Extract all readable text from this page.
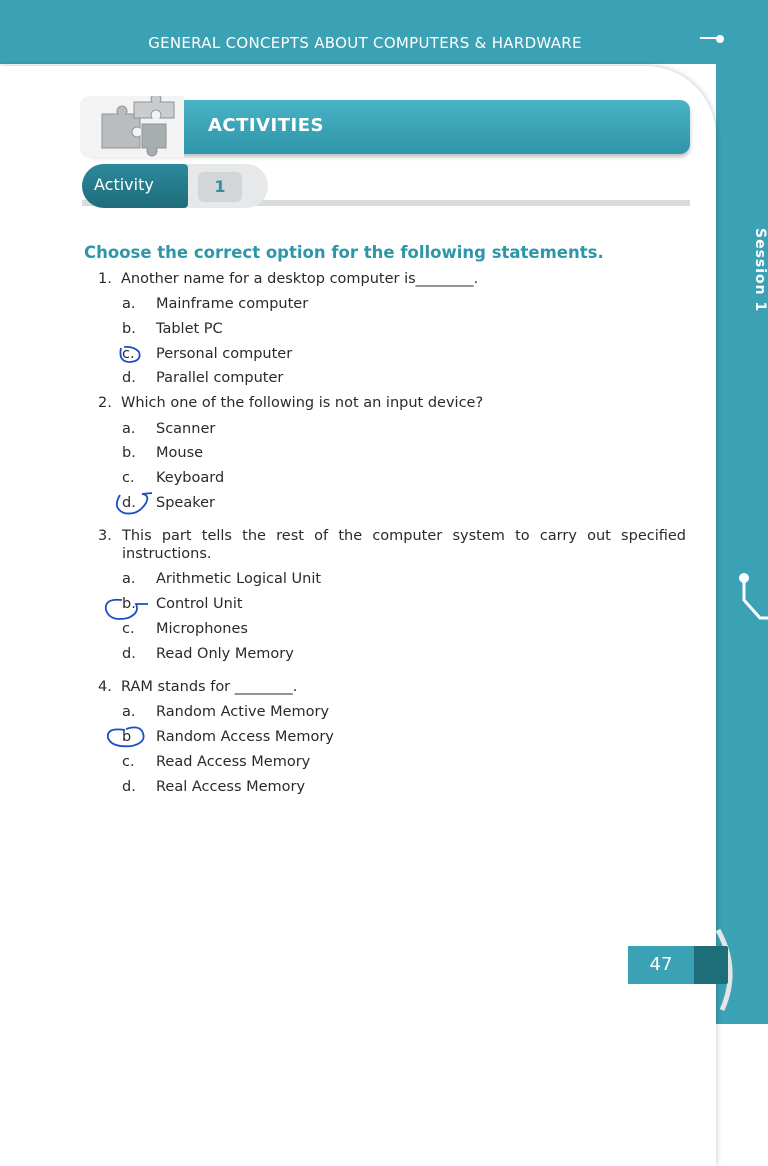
GENERAL CONCEPTS ABOUT COMPUTERS & HARDWARE
Session 1
ACTIVITIES
Activity	1
Choose the correct option for the following statements.
1. Another name for a desktop computer is________.
a. Mainframe computer
b. Tablet PC
c. Personal computer
d. Parallel computer
2. Which one of the following is not an input device?
a. Scanner
b. Mouse
c. Keyboard
d. Speaker
3. This part tells the rest of the computer system to carry out specified
instructions.
a. Arithmetic Logical Unit
b. Control Unit
c. Microphones
d. Read Only Memory
4. RAM stands for ________.
a. Random Active Memory
b Random Access Memory
c. Read Access Memory
d. Real Access Memory
47
